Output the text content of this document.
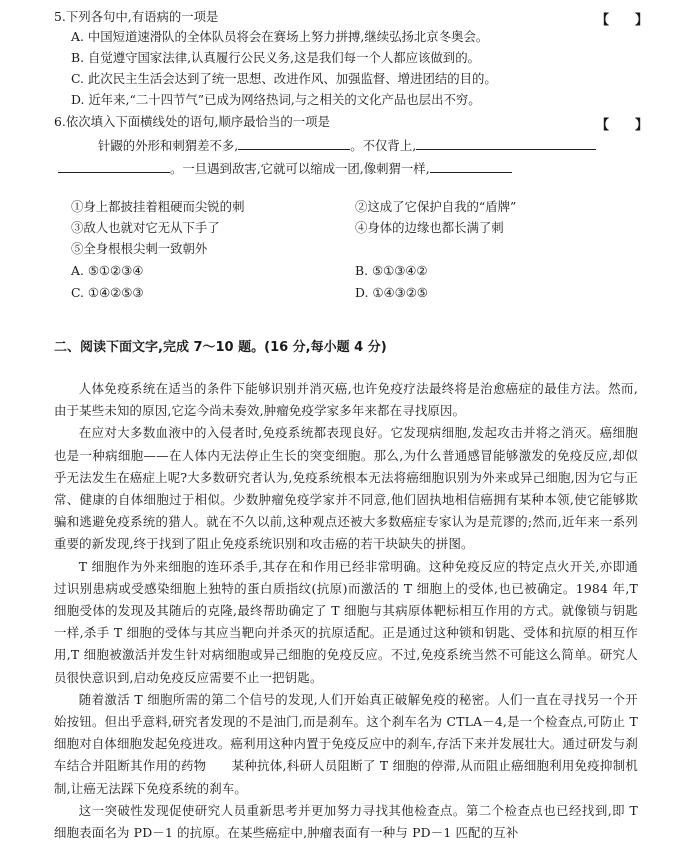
5.下列各句中,有语病的一项是	【　　】
A. 中国短道速滑队的全体队员将会在赛场上努力拼搏,继续弘扬北京冬奥会。
B. 自觉遵守国家法律,认真履行公民义务,这是我们每一个人都应该做到的。
C. 此次民主生活会达到了统一思想、改进作风、加强监督、增进团结的目的。
D. 近年来,“二十四节气”已成为网络热词,与之相关的文化产品也层出不穷。
6.依次填入下面横线处的语句,顺序最恰当的一项是	【　　】
针鼹的外形和刺猬差不多,	。不仅背上,
。一旦遇到敌害,它就可以缩成一团,像刺猬一样,
①身上都披挂着粗硬而尖锐的刺	②这成了它保护自我的“盾牌”
③敌人也就对它无从下手了	④身体的边缘也都长满了刺
⑤全身根根尖刺一致朝外
A. ⑤①②③④	B. ⑤①③④②
C. ①④②⑤③	D. ①④③②⑤
二、阅读下面文字,完成 7～10 题。(16 分,每小题 4 分)

人体免疫系统在适当的条件下能够识别并消灭癌,也许免疫疗法最终将是治愈癌症的最佳方法。然而,由于某些未知的原因,它迄今尚未奏效,肿瘤免疫学家多年来都在寻找原因。

在应对大多数血液中的入侵者时,免疫系统都表现良好。它发现病细胞,发起攻击并将之消灭。癌细胞也是一种病细胞——在人体内无法停止生长的突变细胞。那么,为什么普通感冒能够激发的免疫反应,却似乎无法发生在癌症上呢?大多数研究者认为,免疫系统根本无法将癌细胞识别为外来或异己细胞,因为它与正常、健康的自体细胞过于相似。少数肿瘤免疫学家并不同意,他们固执地相信癌拥有某种本领,使它能够欺骗和逃避免疫系统的猎人。就在不久以前,这种观点还被大多数癌症专家认为是荒谬的;然而,近年来一系列重要的新发现,终于找到了阻止免疫系统识别和攻击癌的若干块缺失的拼图。

T 细胞作为外来细胞的连环杀手,其存在和作用已经非常明确。这种免疫反应的特定点火开关,亦即通过识别患病或受感染细胞上独特的蛋白质指纹(抗原)而激活的 T 细胞上的受体,也已被确定。1984 年,T 细胞受体的发现及其随后的克隆,最终帮助确定了 T 细胞与其病原体靶标相互作用的方式。就像锁与钥匙一样,杀手 T 细胞的受体与其应当靶向并杀灭的抗原适配。正是通过这种锁和钥匙、受体和抗原的相互作用,T 细胞被激活并发生针对病细胞或异己细胞的免疫反应。不过,免疫系统当然不可能这么简单。研究人员很快意识到,启动免疫反应需要不止一把钥匙。

随着激活 T 细胞所需的第二个信号的发现,人们开始真正破解免疫的秘密。人们一直在寻找另一个开始按钮。但出乎意料,研究者发现的不是油门,而是刹车。这个刹车名为 CTLA－4,是一个检查点,可防止 T 细胞对自体细胞发起免疫进攻。癌利用这种内置于免疫反应中的刹车,存活下来并发展壮大。通过研发与刹车结合并阻断其作用的药物　　某种抗体,科研人员阻断了 T 细胞的停滞,从而阻止癌细胞利用免疫抑制机制,让癌无法踩下免疫系统的刹车。

这一突破性发现促使研究人员重新思考并更加努力寻找其他检查点。第二个检查点也已经找到,即 T 细胞表面名为 PD－1 的抗原。在某些癌症中,肿瘤表面有一种与 PD－1 匹配的互补
